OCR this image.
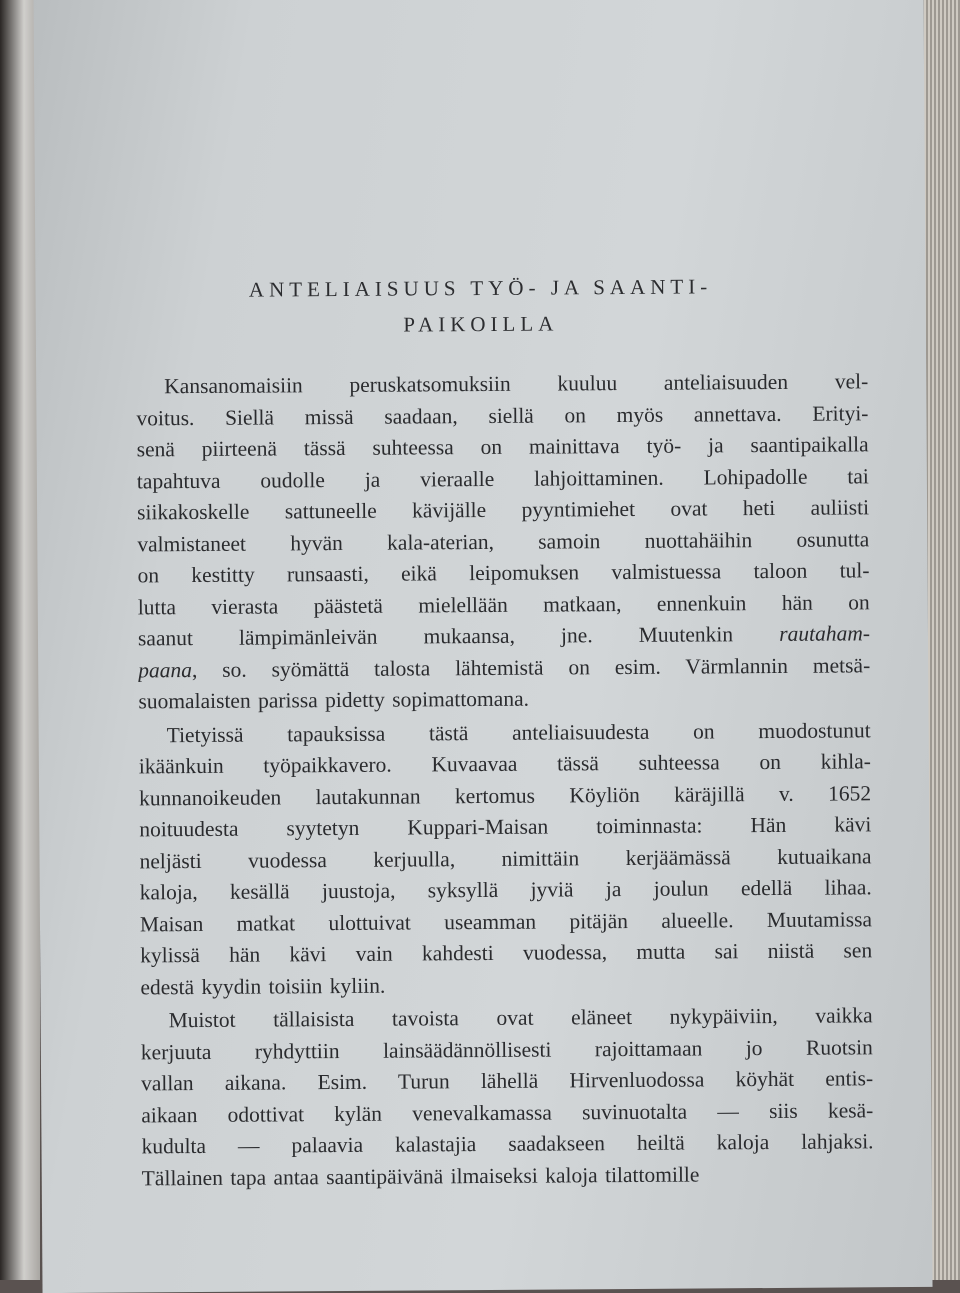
ANTELIAISUUS TYÖ- JA SAANTI-
PAIKOILLA
Kansanomaisiin peruskatsomuksiin kuuluu anteliaisuuden vel-
voitus. Siellä missä saadaan, siellä on myös annettava. Erityi-
senä piirteenä tässä suhteessa on mainittava työ- ja saantipaikalla
tapahtuva oudolle ja vieraalle lahjoittaminen. Lohipadolle tai
siikakoskelle sattuneelle kävijälle pyyntimiehet ovat heti auliisti
valmistaneet hyvän kala-aterian, samoin nuottahäihin osunutta
on kestitty runsaasti, eikä leipomuksen valmistuessa taloon tul-
lutta vierasta päästetä mielellään matkaan, ennenkuin hän on
saanut lämpimänleivän mukaansa, jne. Muutenkin rautaham-
paana, so. syömättä talosta lähtemistä on esim. Värmlannin metsä-
suomalaisten parissa pidetty sopimattomana.
Tietyissä tapauksissa tästä anteliaisuudesta on muodostunut
ikäänkuin työpaikkavero. Kuvaavaa tässä suhteessa on kihla-
kunnanoikeuden lautakunnan kertomus Köyliön käräjillä v. 1652
noituudesta syytetyn Kuppari-Maisan toiminnasta: Hän kävi
neljästi vuodessa kerjuulla, nimittäin kerjäämässä kutuaikana
kaloja, kesällä juustoja, syksyllä jyviä ja joulun edellä lihaa.
Maisan matkat ulottuivat useamman pitäjän alueelle. Muutamissa
kylissä hän kävi vain kahdesti vuodessa, mutta sai niistä sen
edestä kyydin toisiin kyliin.
Muistot tällaisista tavoista ovat eläneet nykypäiviin, vaikka
kerjuuta ryhdyttiin lainsäädännöllisesti rajoittamaan jo Ruotsin
vallan aikana. Esim. Turun lähellä Hirvenluodossa köyhät entis-
aikaan odottivat kylän venevalkamassa suvinuotalta — siis kesä-
kudulta — palaavia kalastajia saadakseen heiltä kaloja lahjaksi.
Tällainen tapa antaa saantipäivänä ilmaiseksi kaloja tilattomille
